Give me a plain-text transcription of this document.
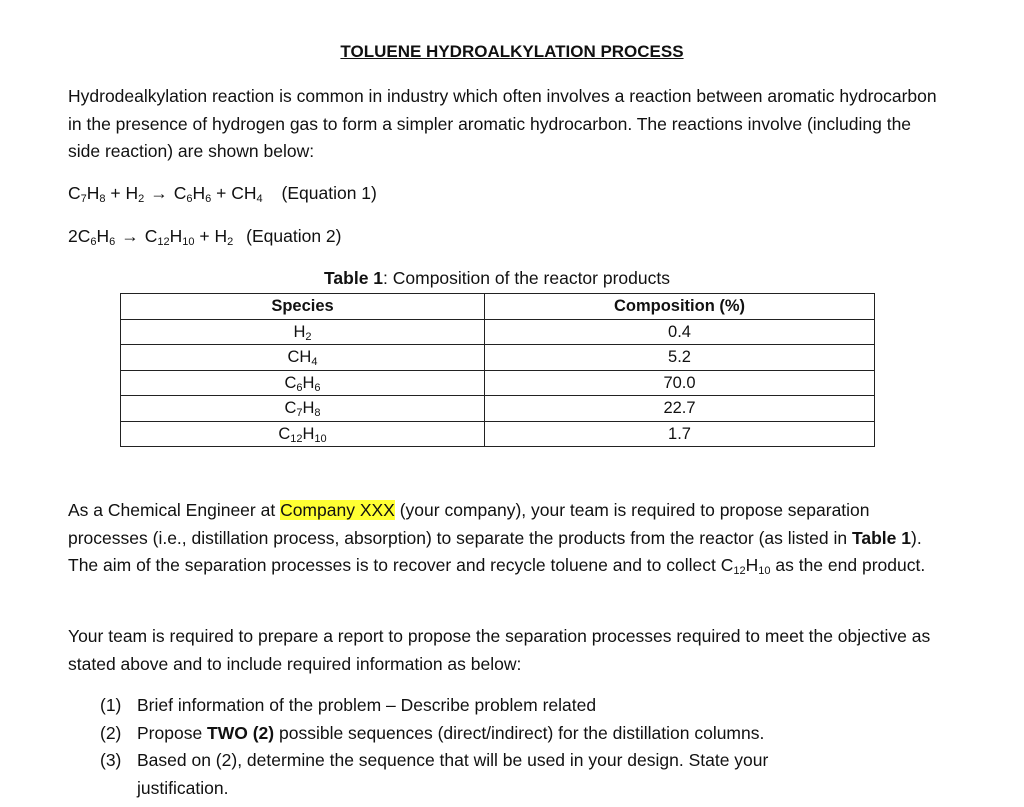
TOLUENE HYDROALKYLATION PROCESS
Hydrodealkylation reaction is common in industry which often involves a reaction between aromatic hydrocarbon in the presence of hydrogen gas to form a simpler aromatic hydrocarbon. The reactions involve (including the side reaction) are shown below:
$C_7H_8 + H_2 \to C_6H_6 + CH_4$ (Equation 1)
$2C_6H_6 \to C_{12}H_{10} + H_2$ (Equation 2)
Table 1: Composition of the reactor products
Species	Composition (%)
$H_2$	0.4
$CH_4$	5.2
$C_6H_6$	70.0
$C_7H_8$	22.7
$C_{12}H_{10}$	1.7
As a Chemical Engineer at Company XXX (your company), your team is required to propose separation processes (i.e., distillation process, absorption) to separate the products from the reactor (as listed in Table 1). The aim of the separation processes is to recover and recycle toluene and to collect $C_{12}H_{10}$ as the end product.
Your team is required to prepare a report to propose the separation processes required to meet the objective as stated above and to include required information as below:
(1) Brief information of the problem – Describe problem related
(2) Propose TWO (2) possible sequences (direct/indirect) for the distillation columns.
(3) Based on (2), determine the sequence that will be used in your design. State your justification.
